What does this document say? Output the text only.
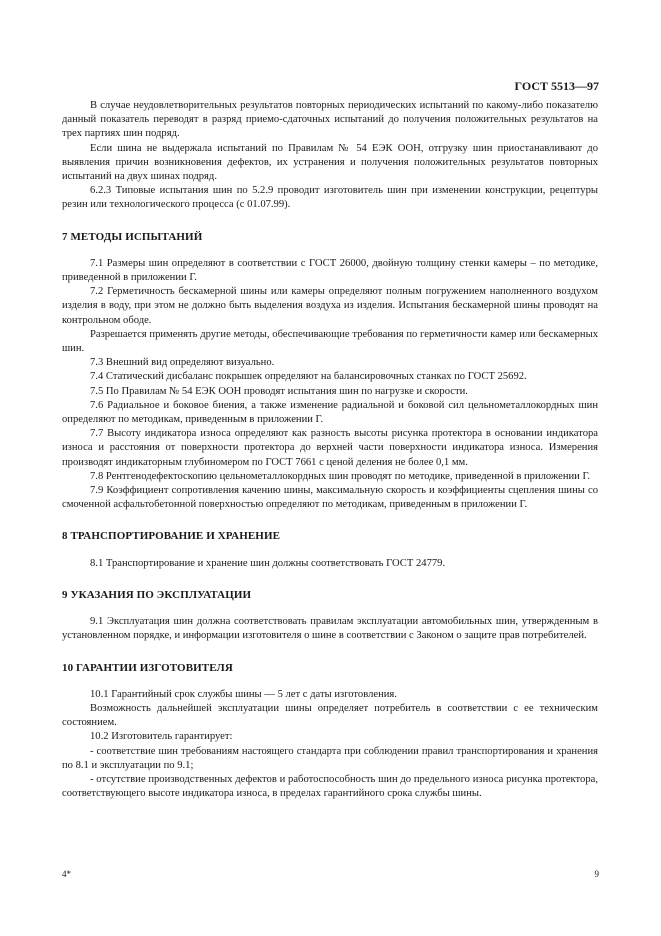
ГОСТ 5513—97

В случае неудовлетворительных результатов повторных периодических испытаний по какому-либо показателю данный показатель переводят в разряд приемо-сдаточных испытаний до получения положительных результатов на трех партиях шин подряд.

Если шина не выдержала испытаний по Правилам № 54 ЕЭК ООН, отгрузку шин приостанавливают до выявления причин возникновения дефектов, их устранения и получения положительных результатов повторных испытаний на двух шинах подряд.

6.2.3 Типовые испытания шин по 5.2.9 проводит изготовитель шин при изменении конструкции, рецептуры резин или технологического процесса (с 01.07.99).

7 МЕТОДЫ ИСПЫТАНИЙ

7.1 Размеры шин определяют в соответствии с ГОСТ 26000, двойную толщину стенки камеры – по методике, приведенной в приложении Г.

7.2 Герметичность бескамерной шины или камеры определяют полным погружением наполненного воздухом изделия в воду, при этом не должно быть выделения воздуха из изделия. Испытания бескамерной шины проводят на контрольном ободе.

Разрешается применять другие методы, обеспечивающие требования по герметичности камер или бескамерных шин.

7.3 Внешний вид определяют визуально.

7.4 Статический дисбаланс покрышек определяют на балансировочных станках по ГОСТ 25692.

7.5 По Правилам № 54 ЕЭК ООН проводят испытания шин по нагрузке и скорости.

7.6 Радиальное и боковое биения, а также изменение радиальной и боковой сил цельнометаллокордных шин определяют по методикам, приведенным в приложении Г.

7.7 Высоту индикатора износа определяют как разность высоты рисунка протектора в основании индикатора износа и расстояния от поверхности протектора до верхней части поверхности индикатора износа. Измерения производят индикаторным глубиномером по ГОСТ 7661 с ценой деления не более 0,1 мм.

7.8 Рентгенодефектоскопию цельнометаллокордных шин проводят по методике, приведенной в приложении Г.

7.9 Коэффициент сопротивления качению шины, максимальную скорость и коэффициенты сцепления шины со смоченной асфальтобетонной поверхностью определяют по методикам, приведенным в приложении Г.

8 ТРАНСПОРТИРОВАНИЕ И ХРАНЕНИЕ

8.1 Транспортирование и хранение шин должны соответствовать ГОСТ 24779.

9 УКАЗАНИЯ ПО ЭКСПЛУАТАЦИИ

9.1 Эксплуатация шин должна соответствовать правилам эксплуатации автомобильных шин, утвержденным в установленном порядке, и информации изготовителя о шине в соответствии с Законом о защите прав потребителей.

10 ГАРАНТИИ ИЗГОТОВИТЕЛЯ

10.1 Гарантийный срок службы шины — 5 лет с даты изготовления.

Возможность дальнейшей эксплуатации шины определяет потребитель в соответствии с ее техническим состоянием.

10.2 Изготовитель гарантирует:

- соответствие шин требованиям настоящего стандарта при соблюдении правил транспортирования и хранения по 8.1 и эксплуатации по 9.1;

- отсутствие производственных дефектов и работоспособность шин до предельного износа рисунка протектора, соответствующего высоте индикатора износа, в пределах гарантийного срока службы шины.

4*	9
